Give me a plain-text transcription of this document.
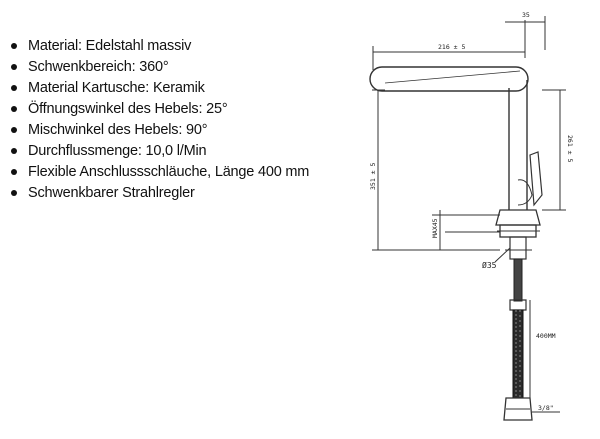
Material: Edelstahl massiv
Schwenkbereich: 360°
Material Kartusche: Keramik
Öffnungswinkel des Hebels: 25°
Mischwinkel des Hebels: 90°
Durchflussmenge: 10,0 l/Min
Flexible Anschlussschläuche, Länge 400 mm
Schwenkbarer Strahlregler
35
216 ± 5
261 ± 5
351 ± 5
MAX45
Ø35
400MM
3/8"
